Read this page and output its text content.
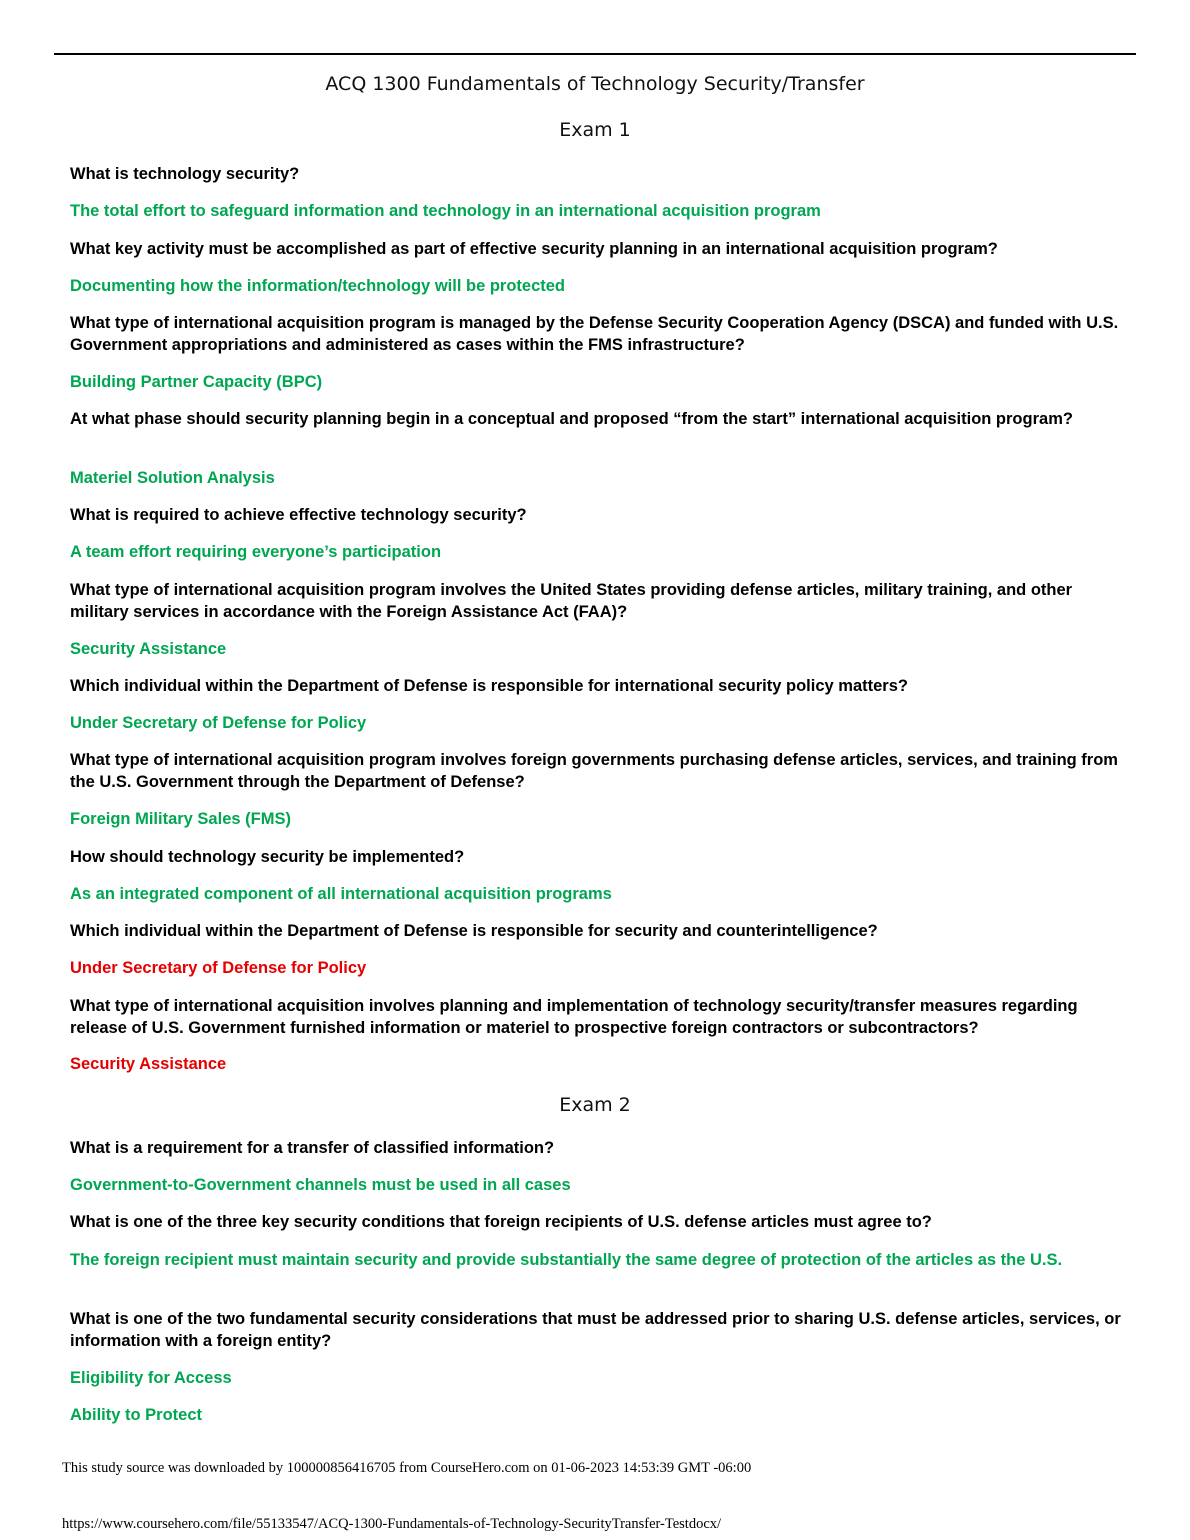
ACQ 1300 Fundamentals of Technology Security/Transfer
Exam 1
What is technology security?
The total effort to safeguard information and technology in an international acquisition program
What key activity must be accomplished as part of effective security planning in an international acquisition program?
Documenting how the information/technology will be protected
What type of international acquisition program is managed by the Defense Security Cooperation Agency (DSCA) and funded with U.S. Government appropriations and administered as cases within the FMS infrastructure?
Building Partner Capacity (BPC)
At what phase should security planning begin in a conceptual and proposed “from the start” international acquisition program?
Materiel Solution Analysis
What is required to achieve effective technology security?
A team effort requiring everyone’s participation
What type of international acquisition program involves the United States providing defense articles, military training, and other military services in accordance with the Foreign Assistance Act (FAA)?
Security Assistance
Which individual within the Department of Defense is responsible for international security policy matters?
Under Secretary of Defense for Policy
What type of international acquisition program involves foreign governments purchasing defense articles, services, and training from the U.S. Government through the Department of Defense?
Foreign Military Sales (FMS)
How should technology security be implemented?
As an integrated component of all international acquisition programs
Which individual within the Department of Defense is responsible for security and counterintelligence?
Under Secretary of Defense for Policy
What type of international acquisition involves planning and implementation of technology security/transfer measures regarding release of U.S. Government furnished information or materiel to prospective foreign contractors or subcontractors?
Security Assistance
Exam 2
What is a requirement for a transfer of classified information?
Government-to-Government channels must be used in all cases
What is one of the three key security conditions that foreign recipients of U.S. defense articles must agree to?
The foreign recipient must maintain security and provide substantially the same degree of protection of the articles as the U.S.
What is one of the two fundamental security considerations that must be addressed prior to sharing U.S. defense articles, services, or information with a foreign entity?
Eligibility for Access
Ability to Protect
This study source was downloaded by 100000856416705 from CourseHero.com on 01-06-2023 14:53:39 GMT -06:00
https://www.coursehero.com/file/55133547/ACQ-1300-Fundamentals-of-Technology-SecurityTransfer-Testdocx/
